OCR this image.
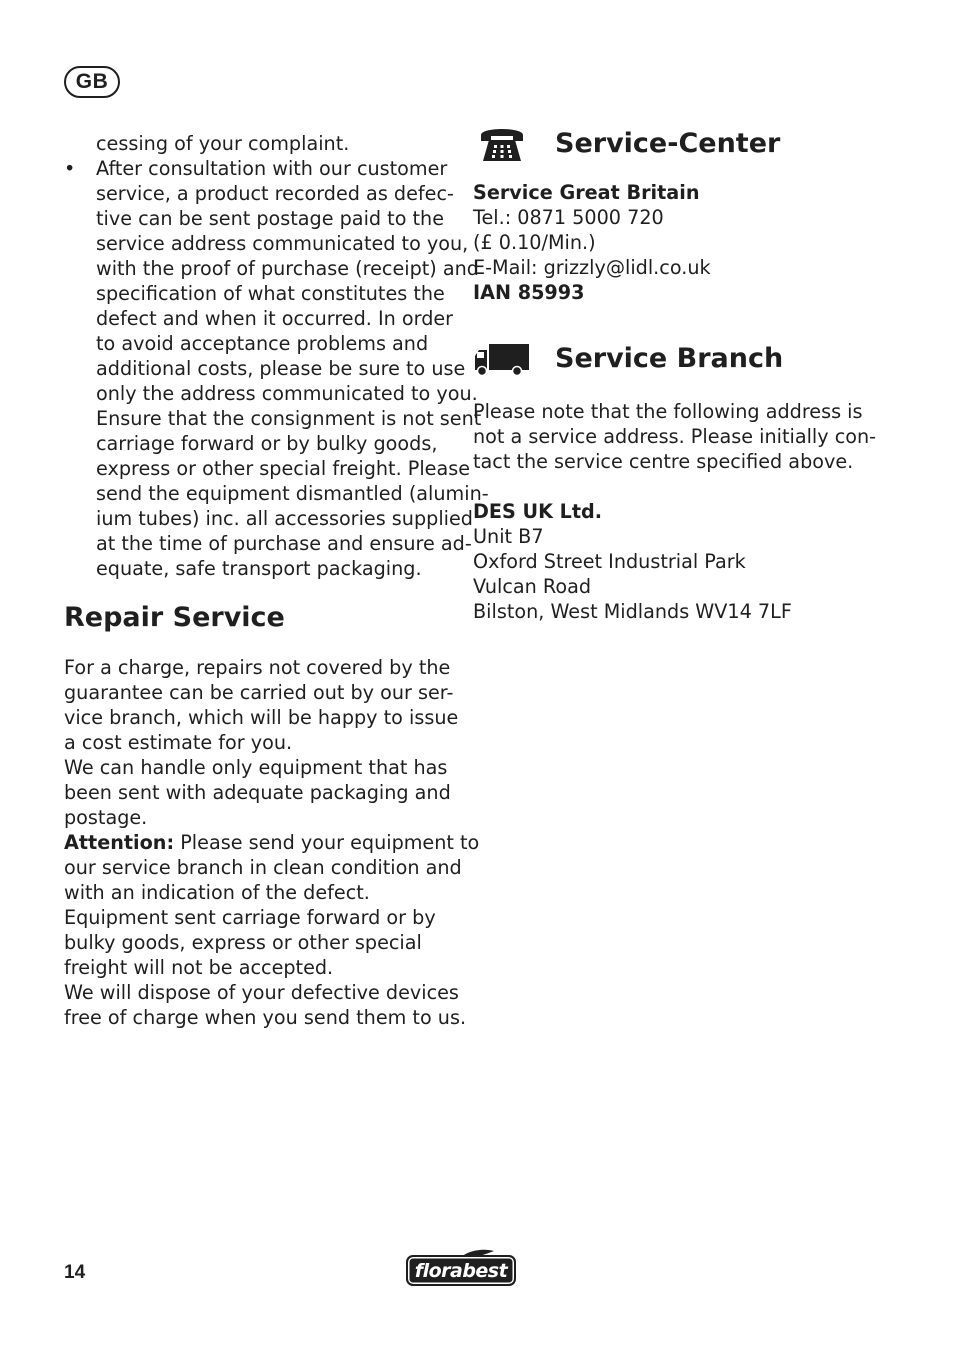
GB
cessing of your complaint.
• After consultation with our customer
service, a product recorded as defec-
tive can be sent postage paid to the
service address communicated to you,
with the proof of purchase (receipt) and
specification of what constitutes the
defect and when it occurred. In order
to avoid acceptance problems and
additional costs, please be sure to use
only the address communicated to you.
Ensure that the consignment is not sent
carriage forward or by bulky goods,
express or other special freight. Please
send the equipment dismantled (alumin-
ium tubes) inc. all accessories supplied
at the time of purchase and ensure ad-
equate, safe transport packaging.
Repair Service
For a charge, repairs not covered by the
guarantee can be carried out by our ser-
vice branch, which will be happy to issue
a cost estimate for you.
We can handle only equipment that has
been sent with adequate packaging and
postage.
Attention: Please send your equipment to
our service branch in clean condition and
with an indication of the defect.
Equipment sent carriage forward or by
bulky goods, express or other special
freight will not be accepted.
We will dispose of your defective devices
free of charge when you send them to us.
Service-Center
Service Great Britain
Tel.: 0871 5000 720
(£ 0.10/Min.)
E-Mail: grizzly@lidl.co.uk
IAN 85993
Service Branch
Please note that the following address is
not a service address. Please initially con-
tact the service centre specified above.
DES UK Ltd.
Unit B7
Oxford Street Industrial Park
Vulcan Road
Bilston, West Midlands WV14 7LF
14	florabest
